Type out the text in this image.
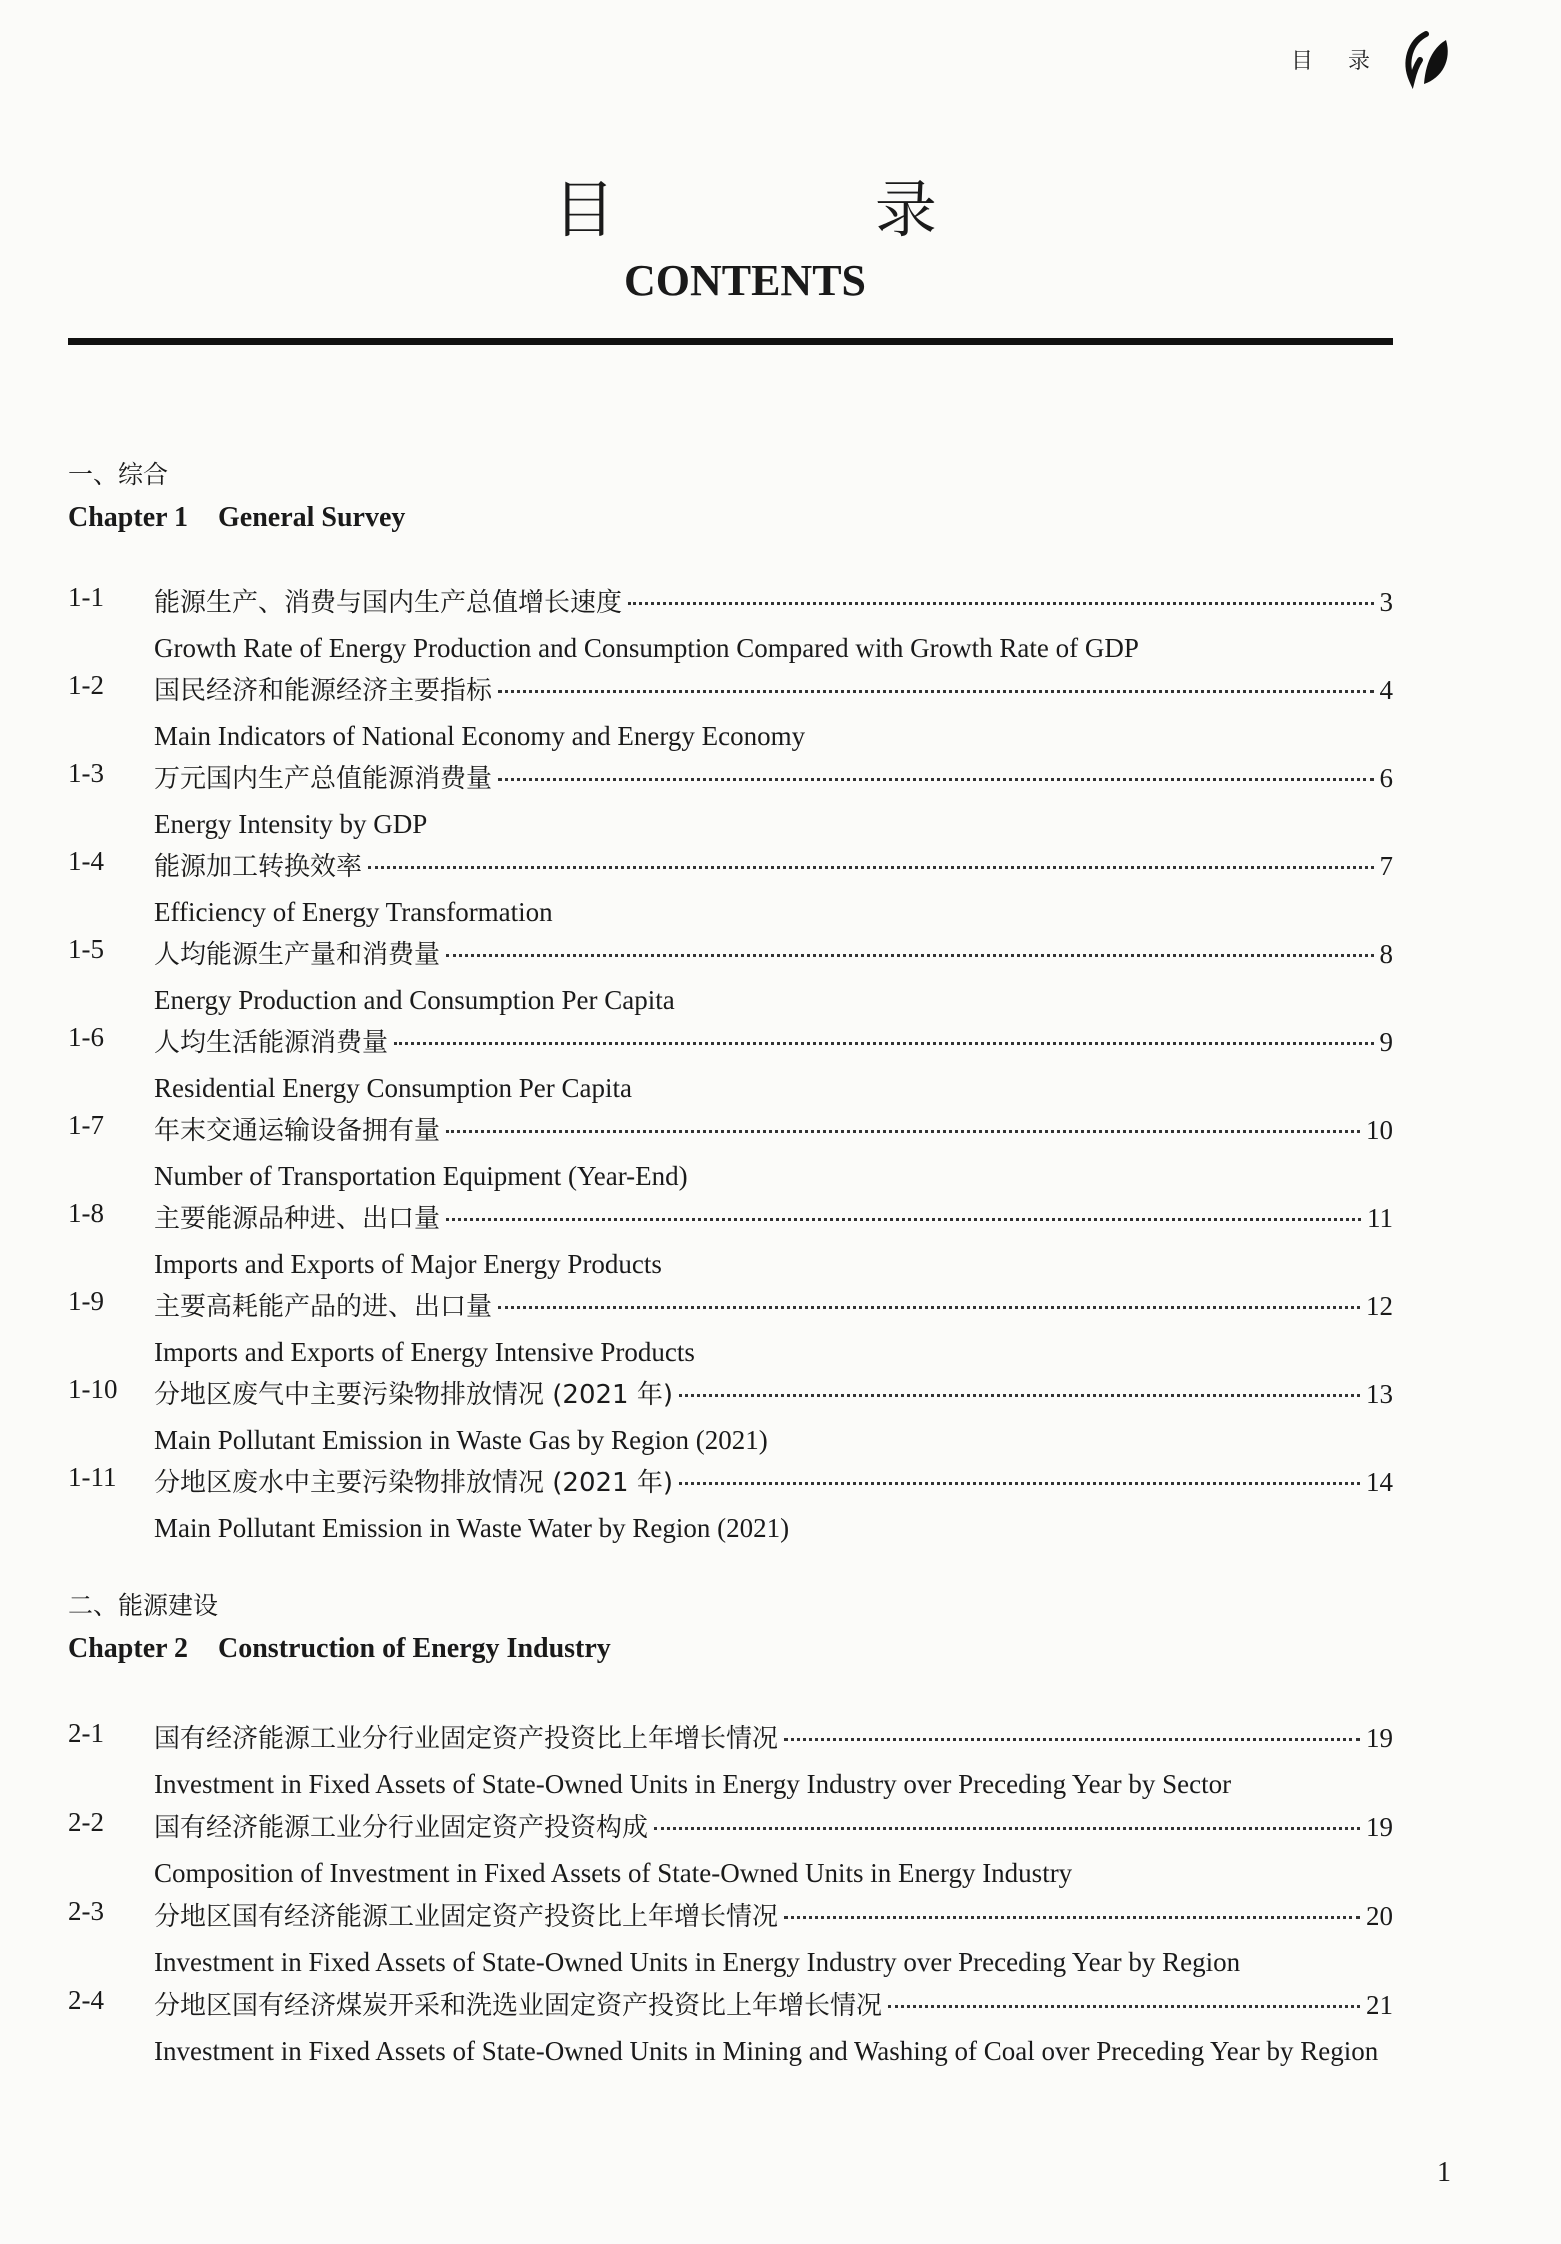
目 录
目 录
CONTENTS
一、综合
Chapter 1 General Survey
1-1 能源生产、消费与国内生产总值增长速度	3
Growth Rate of Energy Production and Consumption Compared with Growth Rate of GDP
1-2 国民经济和能源经济主要指标	4
Main Indicators of National Economy and Energy Economy
1-3 万元国内生产总值能源消费量	6
Energy Intensity by GDP
1-4 能源加工转换效率	7
Efficiency of Energy Transformation
1-5 人均能源生产量和消费量	8
Energy Production and Consumption Per Capita
1-6 人均生活能源消费量	9
Residential Energy Consumption Per Capita
1-7 年末交通运输设备拥有量	10
Number of Transportation Equipment (Year-End)
1-8 主要能源品种进、出口量	11
Imports and Exports of Major Energy Products
1-9 主要高耗能产品的进、出口量	12
Imports and Exports of Energy Intensive Products
1-10 分地区废气中主要污染物排放情况 (2021 年)	13
Main Pollutant Emission in Waste Gas by Region (2021)
1-11 分地区废水中主要污染物排放情况 (2021 年)	14
Main Pollutant Emission in Waste Water by Region (2021)
二、能源建设
Chapter 2 Construction of Energy Industry
2-1 国有经济能源工业分行业固定资产投资比上年增长情况	19
Investment in Fixed Assets of State-Owned Units in Energy Industry over Preceding Year by Sector
2-2 国有经济能源工业分行业固定资产投资构成	19
Composition of Investment in Fixed Assets of State-Owned Units in Energy Industry
2-3 分地区国有经济能源工业固定资产投资比上年增长情况	20
Investment in Fixed Assets of State-Owned Units in Energy Industry over Preceding Year by Region
2-4 分地区国有经济煤炭开采和洗选业固定资产投资比上年增长情况	21
Investment in Fixed Assets of State-Owned Units in Mining and Washing of Coal over Preceding Year by Region
1
